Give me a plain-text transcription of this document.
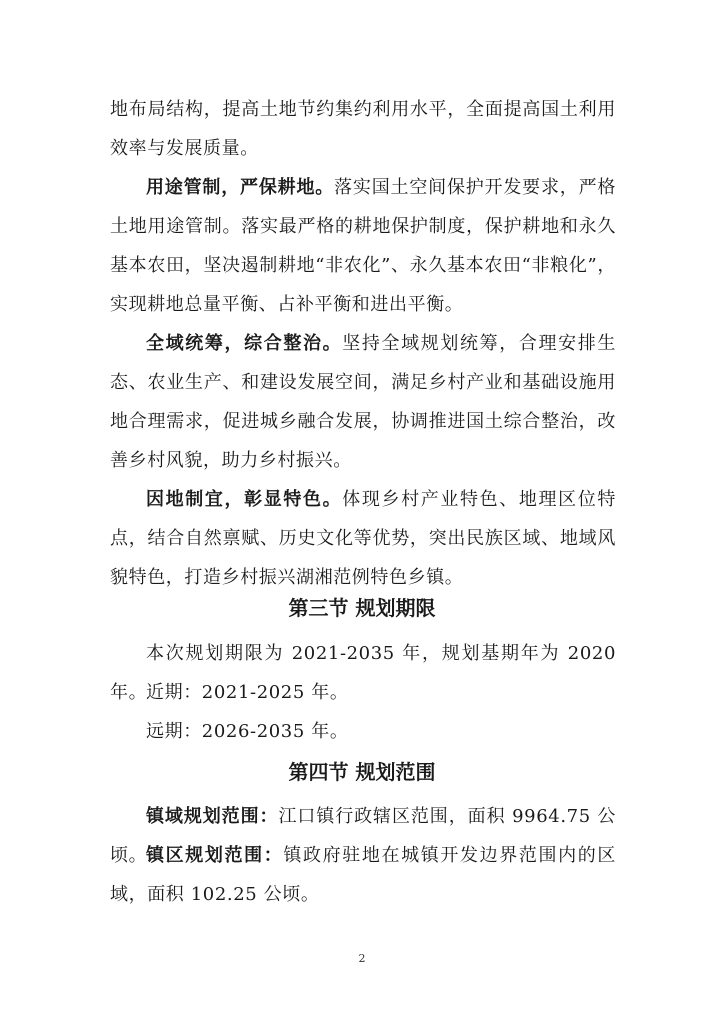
地布局结构，提高土地节约集约利用水平，全面提高国土利用效率与发展质量。

用途管制，严保耕地。落实国土空间保护开发要求，严格土地用途管制。落实最严格的耕地保护制度，保护耕地和永久基本农田，坚决遏制耕地“非农化”、永久基本农田“非粮化”，实现耕地总量平衡、占补平衡和进出平衡。

全域统筹，综合整治。坚持全域规划统筹，合理安排生态、农业生产、和建设发展空间，满足乡村产业和基础设施用地合理需求，促进城乡融合发展，协调推进国土综合整治，改善乡村风貌，助力乡村振兴。

因地制宜，彰显特色。体现乡村产业特色、地理区位特点，结合自然禀赋、历史文化等优势，突出民族区域、地域风貌特色，打造乡村振兴湖湘范例特色乡镇。

第三节 规划期限

本次规划期限为 2021-2035 年，规划基期年为 2020 年。

近期：2021-2025 年。

远期：2026-2035 年。

第四节 规划范围

镇域规划范围：江口镇行政辖区范围，面积 9964.75 公顷。

镇区规划范围：镇政府驻地在城镇开发边界范围内的区域，面积 102.25 公顷。

2
